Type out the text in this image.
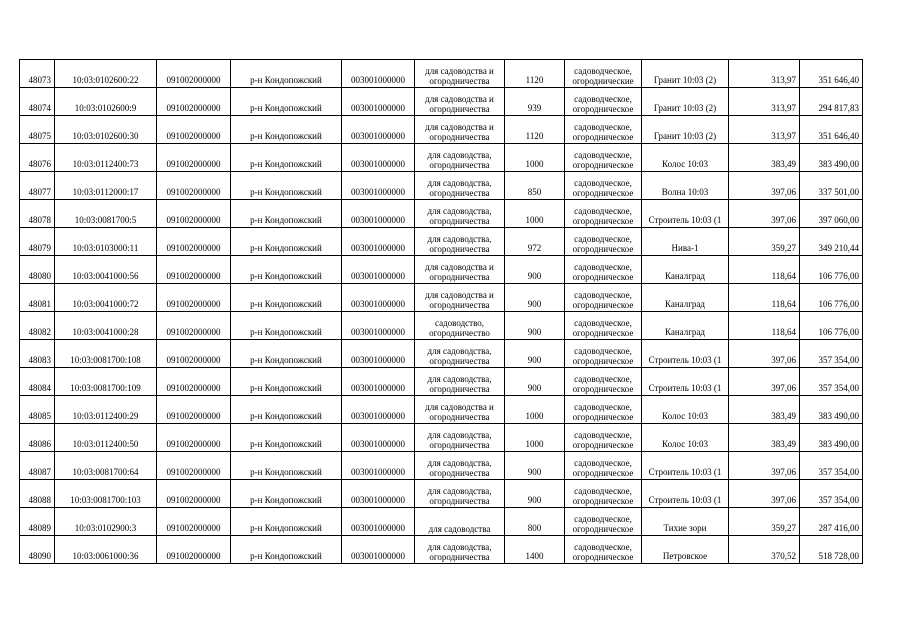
48073	10:03:0102600:22	091002000000	р-н Кондопожский	003001000000	для садоводства и
огородничества	1120	садоводческое,
огороднические	Гранит 10:03 (2)	313,97	351 646,40
48074	10:03:0102600:9	091002000000	р-н Кондопожский	003001000000	для садоводства и
огородничества	939	садоводческое,
огородническое	Гранит 10:03 (2)	313,97	294 817,83
48075	10:03:0102600:30	091002000000	р-н Кондопожский	003001000000	для садоводства и
огородничества	1120	садоводческое,
огородническое	Гранит 10:03 (2)	313,97	351 646,40
48076	10:03:0112400:73	091002000000	р-н Кондопожский	003001000000	для садоводства,
огородничества	1000	садоводческое,
огородническое	Колос 10:03	383,49	383 490,00
48077	10:03:0112000:17	091002000000	р-н Кондопожский	003001000000	для садоводства,
огородничества	850	садоводческое,
огородническое	Волна 10:03	397,06	337 501,00
48078	10:03:0081700:5	091002000000	р-н Кондопожский	003001000000	для садоводства,
огородничества	1000	садоводческое,
огородническое	Строитель 10:03 (1	397,06	397 060,00
48079	10:03:0103000:11	091002000000	р-н Кондопожский	003001000000	для садоводства,
огородничества	972	садоводческое,
огородническое	Нива-1	359,27	349 210,44
48080	10:03:0041000:56	091002000000	р-н Кондопожский	003001000000	для садоводства и
огородничества	900	садоводческое,
огородническое	Каналград	118,64	106 776,00
48081	10:03:0041000:72	091002000000	р-н Кондопожский	003001000000	для садоводства и
огородничества	900	садоводческое,
огородническое	Каналград	118,64	106 776,00
48082	10:03:0041000:28	091002000000	р-н Кондопожский	003001000000	садоводство,
огородничество	900	садоводческое,
огородническое	Каналград	118,64	106 776,00
48083	10:03:0081700:108	091002000000	р-н Кондопожский	003001000000	для садоводства,
огородничества	900	садоводческое,
огородническое	Строитель 10:03 (1	397,06	357 354,00
48084	10:03:0081700:109	091002000000	р-н Кондопожский	003001000000	для садоводства,
огородничества	900	садоводческое,
огородническое	Строитель 10:03 (1	397,06	357 354,00
48085	10:03:0112400:29	091002000000	р-н Кондопожский	003001000000	для садоводства и
огородничества	1000	садоводческое,
огородническое	Колос 10:03	383,49	383 490,00
48086	10:03:0112400:50	091002000000	р-н Кондопожский	003001000000	для садоводства,
огородничества	1000	садоводческое,
огородническое	Колос 10:03	383,49	383 490,00
48087	10:03:0081700:64	091002000000	р-н Кондопожский	003001000000	для садоводства,
огородничества	900	садоводческое,
огородническое	Строитель 10:03 (1	397,06	357 354,00
48088	10:03:0081700:103	091002000000	р-н Кондопожский	003001000000	для садоводства,
огородничества	900	садоводческое,
огородническое	Строитель 10:03 (1	397,06	357 354,00
48089	10:03:0102900:3	091002000000	р-н Кондопожский	003001000000	для садоводства	800	садоводческое,
огородническое	Тихие зори	359,27	287 416,00
48090	10:03:0061000:36	091002000000	р-н Кондопожский	003001000000	для садоводства,
огородничества	1400	садоводческое,
огородническое	Петровское	370,52	518 728,00
